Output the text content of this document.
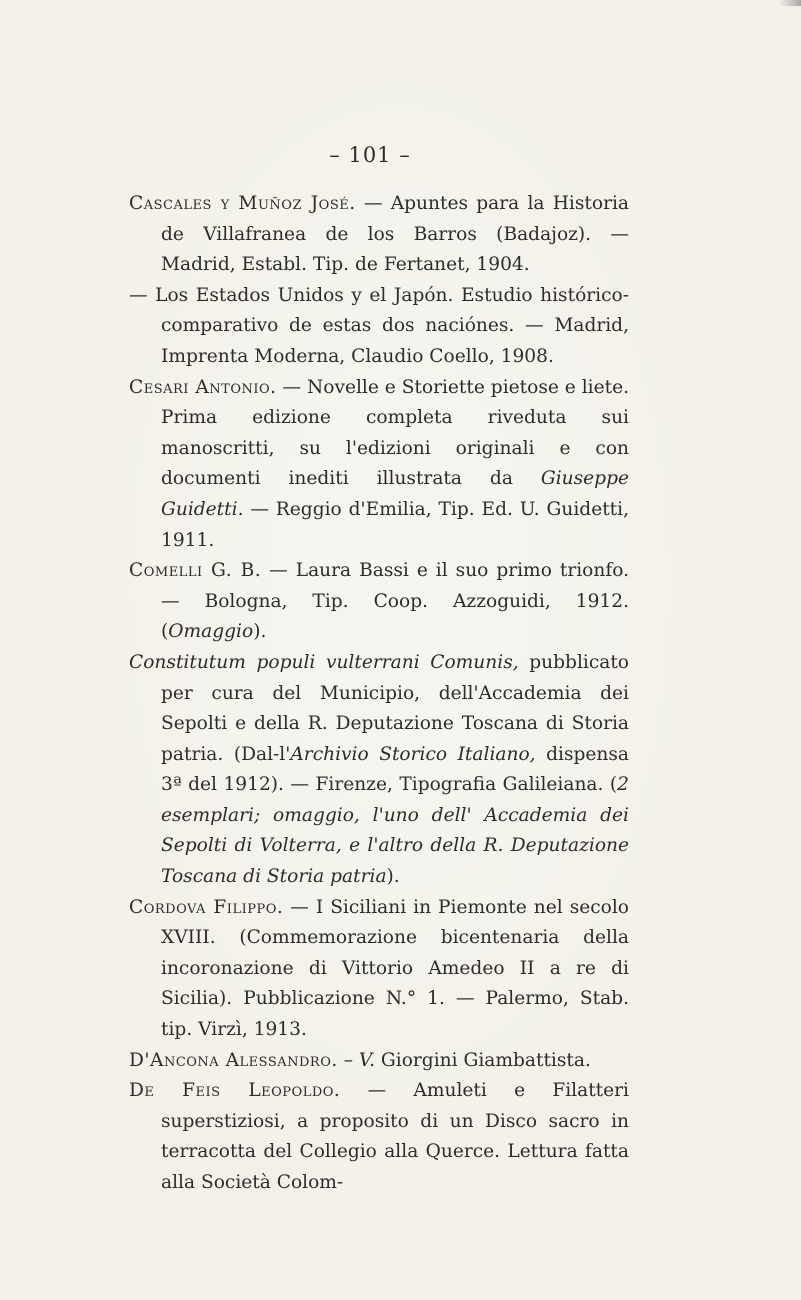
– 101 –

Cascales y Muñoz José. — Apuntes para la Historia de Villafranea de los Barros (Badajoz). — Madrid, Establ. Tip. de Fertanet, 1904.

— Los Estados Unidos y el Japón. Estudio histórico-comparativo de estas dos naciónes. — Madrid, Imprenta Moderna, Claudio Coello, 1908.

Cesari Antonio. — Novelle e Storiette pietose e liete. Prima edizione completa riveduta sui manoscritti, su l'edizioni originali e con documenti inediti illustrata da Giuseppe Guidetti. — Reggio d'Emilia, Tip. Ed. U. Guidetti, 1911.

Comelli G. B. — Laura Bassi e il suo primo trionfo. — Bologna, Tip. Coop. Azzoguidi, 1912. (Omaggio).

Constitutum populi vulterrani Comunis, pubblicato per cura del Municipio, dell'Accademia dei Sepolti e della R. Deputazione Toscana di Storia patria. (Dal-l'Archivio Storico Italiano, dispensa 3ª del 1912). — Firenze, Tipografia Galileiana. (2 esemplari; omaggio, l'uno dell' Accademia dei Sepolti di Volterra, e l'altro della R. Deputazione Toscana di Storia patria).

Cordova Filippo. — I Siciliani in Piemonte nel secolo XVIII. (Commemorazione bicentenaria della incoronazione di Vittorio Amedeo II a re di Sicilia). Pubblicazione N.° 1. — Palermo, Stab. tip. Virzì, 1913.

D'Ancona Alessandro. – V. Giorgini Giambattista.

De Feis Leopoldo. — Amuleti e Filatteri superstiziosi, a proposito di un Disco sacro in terracotta del Collegio alla Querce. Lettura fatta alla Società Colom-
